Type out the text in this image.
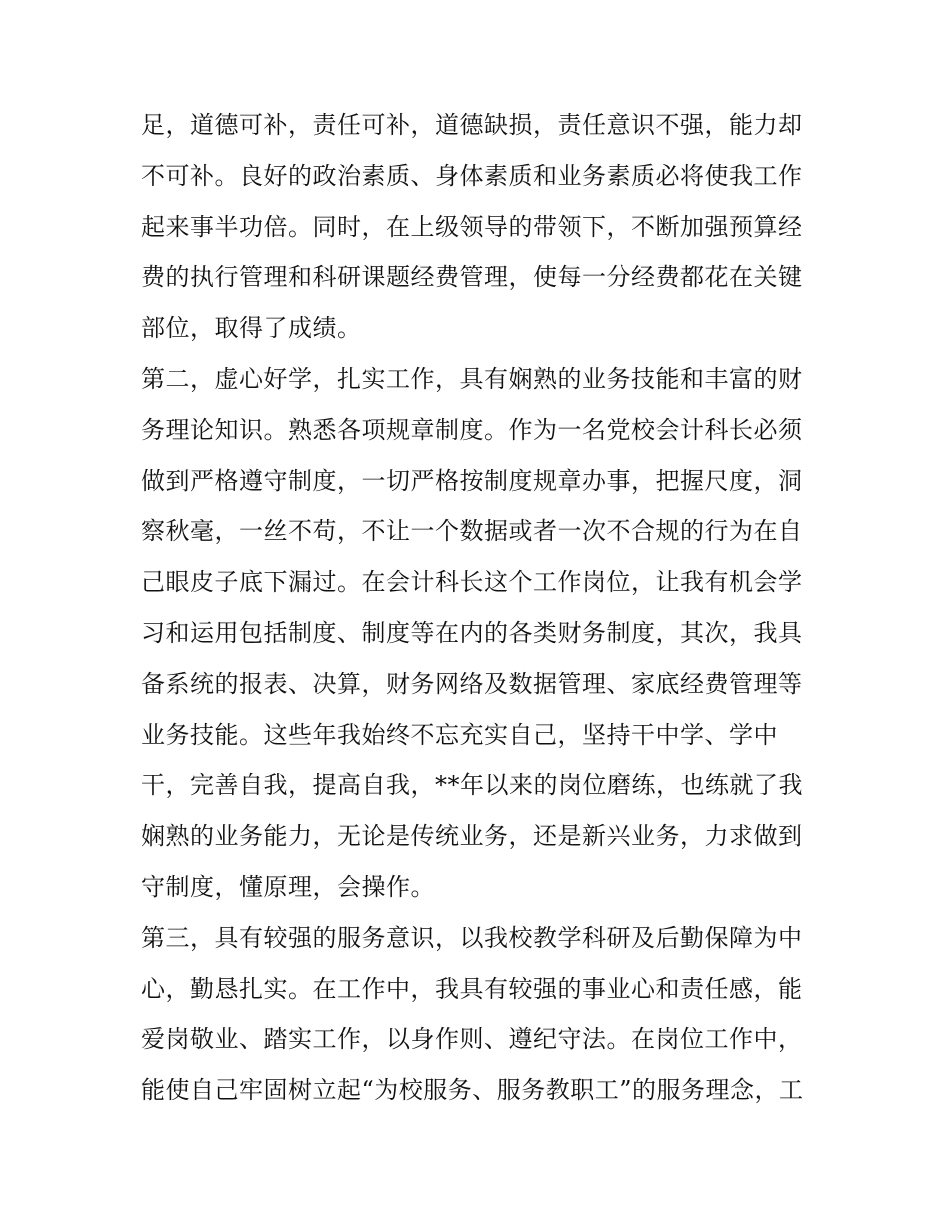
足，道德可补，责任可补，道德缺损，责任意识不强，能力却
不可补。良好的政治素质、身体素质和业务素质必将使我工作
起来事半功倍。同时，在上级领导的带领下，不断加强预算经
费的执行管理和科研课题经费管理，使每一分经费都花在关键
部位，取得了成绩。
第二，虚心好学，扎实工作，具有娴熟的业务技能和丰富的财
务理论知识。熟悉各项规章制度。作为一名党校会计科长必须
做到严格遵守制度，一切严格按制度规章办事，把握尺度，洞
察秋毫，一丝不苟，不让一个数据或者一次不合规的行为在自
己眼皮子底下漏过。在会计科长这个工作岗位，让我有机会学
习和运用包括制度、制度等在内的各类财务制度，其次，我具
备系统的报表、决算，财务网络及数据管理、家底经费管理等
业务技能。这些年我始终不忘充实自己，坚持干中学、学中
干，完善自我，提高自我，**年以来的岗位磨练，也练就了我
娴熟的业务能力，无论是传统业务，还是新兴业务，力求做到
守制度，懂原理，会操作。
第三，具有较强的服务意识，以我校教学科研及后勤保障为中
心，勤恳扎实。在工作中，我具有较强的事业心和责任感，能
爱岗敬业、踏实工作，以身作则、遵纪守法。在岗位工作中，
能使自己牢固树立起“为校服务、服务教职工”的服务理念，工
